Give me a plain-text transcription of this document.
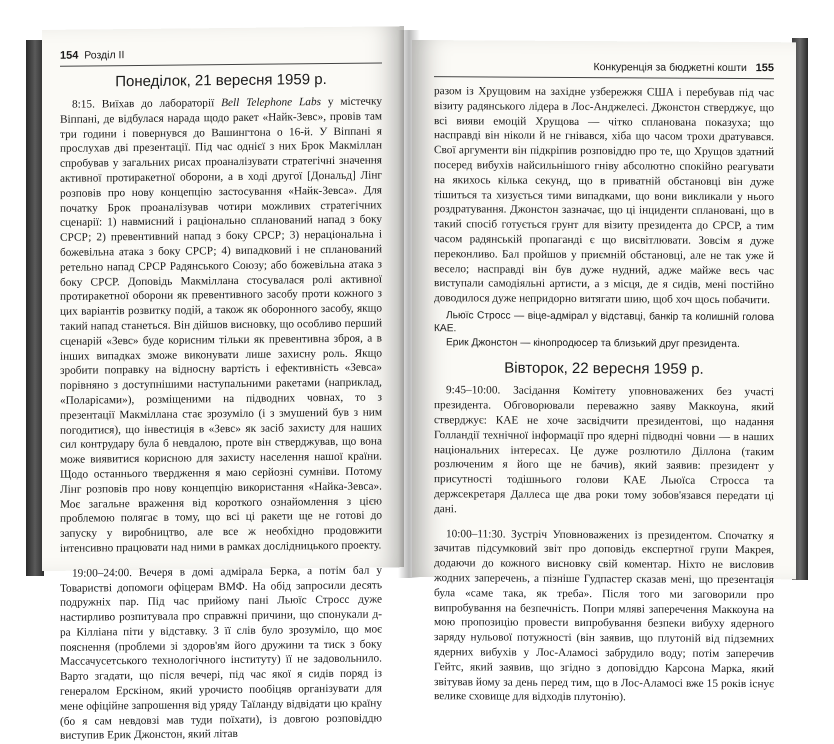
154 Розділ ІІ
Понеділок, 21 вересня 1959 р.

8:15. Виїхав до лабораторії Bell Telephone Labs у містечку Віппані, де відбулася нарада щодо ракет «Найк-Зевс», провів там три години і повернувся до Вашингтона о 16-й. У Віппані я прослухав дві презентації. Під час однієї з них Брок Макміллан спробував у загальних рисах проаналізувати стратегічні значення активної протиракетної оборони, а в ході другої [Дональд] Лінг розповів про нову концепцію застосування «Найк-Зевса». Для початку Брок проаналізував чотири можливих стратегічних сценарії: 1) навмисний і раціонально спланований напад з боку СРСР; 2) превентивний напад з боку СРСР; 3) нераціональна і божевільна атака з боку СРСР; 4) випадковий і не спланований ретельно напад СРСР Радянського Союзу; або божевільна атака з боку СРСР. Доповідь Макміллана стосувалася ролі активної протиракетної оборони як превентивного засобу проти кожного з цих варіантів розвитку подій, а також як оборонного засобу, якщо такий напад станеться. Він дійшов висновку, що особливо перший сценарій «Зевс» буде корисним тільки як превентивна зброя, а в інших випадках зможе виконувати лише захисну роль. Якщо зробити поправку на відносну вартість і ефективність «Зевса» порівняно з доступнішими наступальними ракетами (наприклад, «Поларісами»), розміщеними на підводних човнах, то з презентації Макміллана стає зрозуміло (і з змушений був з ним погодитися), що інвестиція в «Зевс» як засіб захисту для наших сил контрудару була б невдалою, проте він стверджував, що вона може виявитися корисною для захисту населення нашої країни. Щодо останнього твердження я маю серйозні сумніви. Потому Лінг розповів про нову концепцію використання «Найка-Зевса». Моє загальне враження від короткого ознайомлення з цією проблемою полягає в тому, що всі ці ракети ще не готові до запуску у виробництво, але все ж необхідно продовжити інтенсивно працювати над ними в рамках дослідницького проекту.

19:00–24:00. Вечеря в домі адмірала Берка, а потім бал у Товаристві допомоги офіцерам ВМФ. На обід запросили десять подружніх пар. Під час прийому пані Льюїс Стросс дуже настирливо розпитувала про справжні причини, що спонукали д-ра Кілліана піти у відставку. З її слів було зрозуміло, що моє пояснення (проблеми зі здоров'ям його дружини та тиск з боку Массачусетського технологічного інституту) її не задовольнило. Варто згадати, що після вечері, під час якої я сидів поряд із генералом Ерскіном, який урочисто пообіцяв організувати для мене офіційне запрошення від уряду Таїланду відвідати цю країну (бо я сам невдовзі мав туди поїхати), із довгою розповіддю виступив Ерик Джонстон, який літав

Конкуренція за бюджетні кошти 155

разом із Хрущовим на західне узбережжя США і перебував під час візиту радянського лідера в Лос-Анджелесі. Джонстон стверджує, що всі вияви емоцій Хрущова — чітко спланована показуха; що насправді він ніколи й не гнівався, хіба що часом трохи дратувався. Свої аргументи він підкріпив розповіддю про те, що Хрущов здатний посеред вибухів найсильнішого гніву абсолютно спокійно реагувати на якихось кілька секунд, що в приватній обстановці він дуже тішиться та хизується тими випадками, що вони викликали у нього роздратування. Джонстон зазначає, що ці інциденти сплановані, що в такий спосіб готується грунт для візиту президента до СРСР, а тим часом радянській пропаганді є що висвітлювати. Зовсім я дуже переконливо. Бал пройшов у приємній обстановці, але не так уже й весело; насправді він був дуже нудний, адже майже весь час виступали самодіяльні артисти, а з місця, де я сидів, мені постійно доводилося дуже непридорно витягати шию, щоб хоч щось побачити.

Льюїс Стросс — віце-адмірал у відставці, банкір та колишній голова КАЕ.

Ерик Джонстон — кінопродюсер та близький друг президента.

Вівторок, 22 вересня 1959 р.

9:45–10:00. Засідання Комітету уповноважених без участі президента. Обговорювали переважно заяву Маккоуна, який стверджує: КАЕ не хоче засвідчити президентові, що надання Голландії технічної інформації про ядерні підводні човни — в наших національних інтересах. Це дуже розлютило Діллона (таким розлюченим я його ще не бачив), який заявив: президент у присутності тодішнього голови КАЕ Льюїса Стросса та держсекретаря Даллеса ще два роки тому зобов'язався передати ці дані.

10:00–11:30. Зустріч Уповноважених із президентом. Спочатку я зачитав підсумковий звіт про доповідь експертної групи Макрея, додаючи до кожного висновку свій коментар. Ніхто не висловив жодних заперечень, а пізніше Гудпастер сказав мені, що презентація була «саме така, як треба». Після того ми заговорили про випробування на безпечність. Попри мляві заперечення Маккоуна на мою пропозицію провести випробування безпеки вибуху ядерного заряду нульової потужності (він заявив, що плутоній від підземних ядерних вибухів у Лос-Аламосі забрудило воду; потім заперечив Гейтс, який заявив, що згідно з доповіддю Карсона Марка, який звітував йому за день перед тим, що в Лос-Аламосі вже 15 років існує велике сховище для відходів плутонію).
